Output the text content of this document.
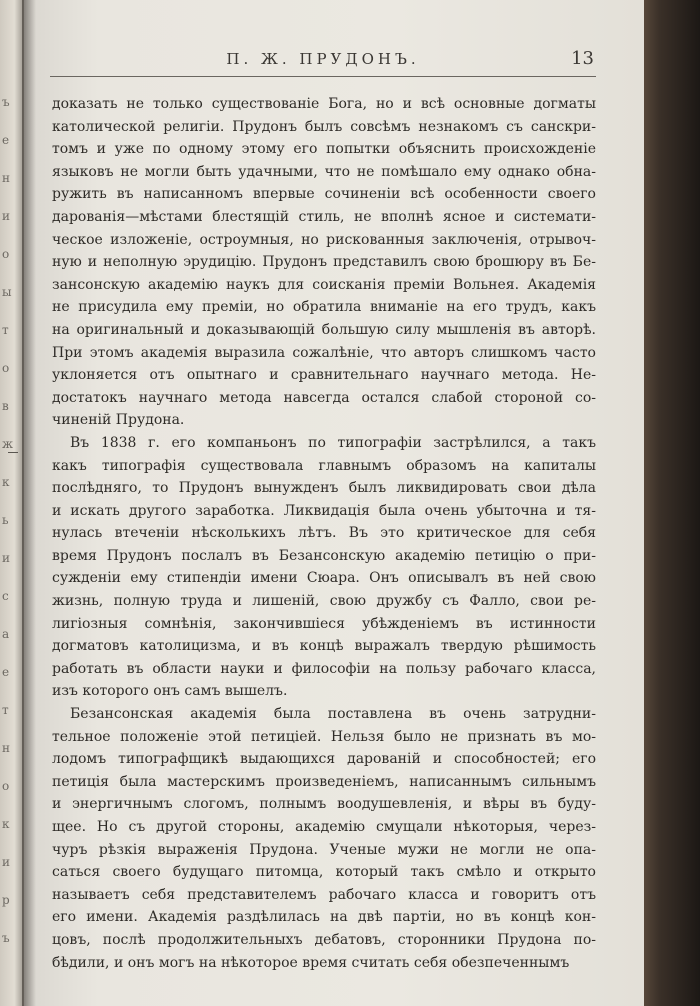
ъ
е
н
и
о
ы
т
о
в
ж
к
ь
и
с
а
е
т
н
о
к
и
р
ъ
П. Ж. ПРУДОНЪ.	13
доказать не только существованіе Бога, но и всѣ основные догматы
католической религіи. Прудонъ былъ совсѣмъ незнакомъ съ санскри-
томъ и уже по одному этому его попытки объяснить происхожденіе
языковъ не могли быть удачными, что не помѣшало ему однако обна-
ружить въ написанномъ впервые сочиненіи всѣ особенности своего
дарованія—мѣстами блестящій стиль, не вполнѣ ясное и системати-
ческое изложеніе, остроумныя, но рискованныя заключенія, отрывоч-
ную и неполную эрудицію. Прудонъ представилъ свою брошюру въ Бе-
зансонскую академію наукъ для соисканія преміи Вольнея. Академія
не присудила ему преміи, но обратила вниманіе на его трудъ, какъ
на оригинальный и доказывающій большую силу мышленія въ авторѣ.
При этомъ академія выразила сожалѣніе, что авторъ слишкомъ часто
уклоняется отъ опытнаго и сравнительнаго научнаго метода. Не-
достатокъ научнаго метода навсегда остался слабой стороной со-
чиненій Прудона.
Въ 1838 г. его компаньонъ по типографіи застрѣлился, а такъ
какъ типографія существовала главнымъ образомъ на капиталы
послѣдняго, то Прудонъ вынужденъ былъ ликвидировать свои дѣла
и искать другого заработка. Ликвидація была очень убыточна и тя-
нулась втеченіи нѣсколькихъ лѣтъ. Въ это критическое для себя
время Прудонъ послалъ въ Безансонскую академію петицію о при-
сужденіи ему стипендіи имени Сюара. Онъ описывалъ въ ней свою
жизнь, полную труда и лишеній, свою дружбу съ Фалло, свои ре-
лигіозныя сомнѣнія, закончившіеся убѣжденіемъ въ истинности
догматовъ католицизма, и въ концѣ выражалъ твердую рѣшимость
работать въ области науки и философіи на пользу рабочаго класса,
изъ которого онъ самъ вышелъ.
Безансонская академія была поставлена въ очень затрудни-
тельное положеніе этой петиціей. Нельзя было не признать въ мо-
лодомъ типографщикѣ выдающихся дарованій и способностей; его
петиція была мастерскимъ произведеніемъ, написаннымъ сильнымъ
и энергичнымъ слогомъ, полнымъ воодушевленія, и вѣры въ буду-
щее. Но съ другой стороны, академію смущали нѣкоторыя, через-
чуръ рѣзкія выраженія Прудона. Ученые мужи не могли не опа-
саться своего будущаго питомца, который такъ смѣло и открыто
называетъ себя представителемъ рабочаго класса и говоритъ отъ
его имени. Академія раздѣлилась на двѣ партіи, но въ концѣ кон-
цовъ, послѣ продолжительныхъ дебатовъ, сторонники Прудона по-
бѣдили, и онъ могъ на нѣкоторое время считать себя обезпеченнымъ
